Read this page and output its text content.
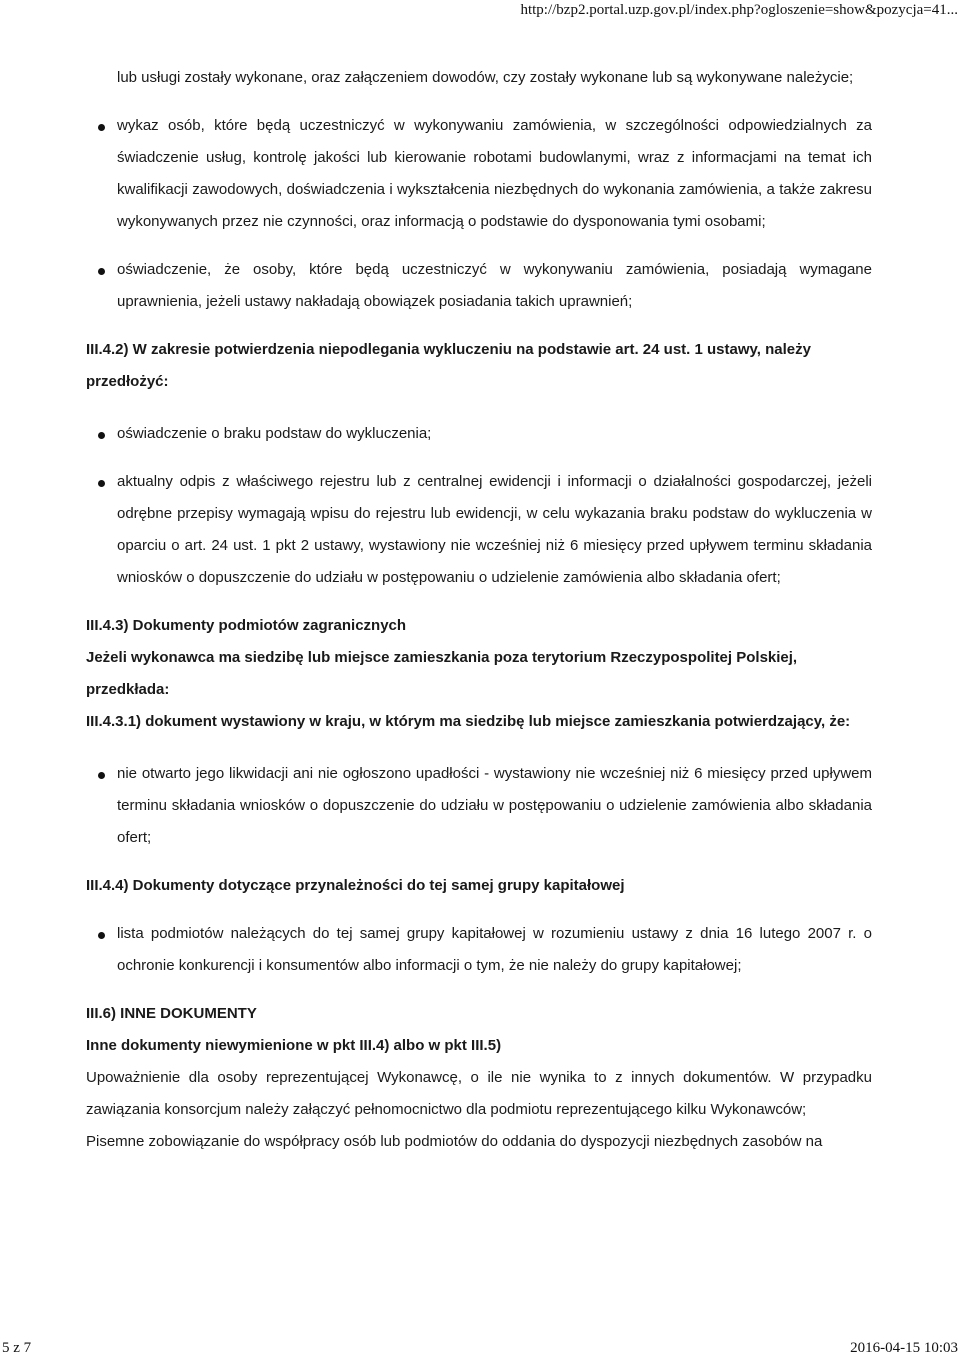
http://bzp2.portal.uzp.gov.pl/index.php?ogloszenie=show&pozycja=41...
lub usługi zostały wykonane, oraz załączeniem dowodów, czy zostały wykonane lub są wykonywane należycie;
wykaz osób, które będą uczestniczyć w wykonywaniu zamówienia, w szczególności odpowiedzialnych za świadczenie usług, kontrolę jakości lub kierowanie robotami budowlanymi, wraz z informacjami na temat ich kwalifikacji zawodowych, doświadczenia i wykształcenia niezbędnych do wykonania zamówienia, a także zakresu wykonywanych przez nie czynności, oraz informacją o podstawie do dysponowania tymi osobami;
oświadczenie, że osoby, które będą uczestniczyć w wykonywaniu zamówienia, posiadają wymagane uprawnienia, jeżeli ustawy nakładają obowiązek posiadania takich uprawnień;
III.4.2) W zakresie potwierdzenia niepodlegania wykluczeniu na podstawie art. 24 ust. 1 ustawy, należy przedłożyć:
oświadczenie o braku podstaw do wykluczenia;
aktualny odpis z właściwego rejestru lub z centralnej ewidencji i informacji o działalności gospodarczej, jeżeli odrębne przepisy wymagają wpisu do rejestru lub ewidencji, w celu wykazania braku podstaw do wykluczenia w oparciu o art. 24 ust. 1 pkt 2 ustawy, wystawiony nie wcześniej niż 6 miesięcy przed upływem terminu składania wniosków o dopuszczenie do udziału w postępowaniu o udzielenie zamówienia albo składania ofert;
III.4.3) Dokumenty podmiotów zagranicznych
Jeżeli wykonawca ma siedzibę lub miejsce zamieszkania poza terytorium Rzeczypospolitej Polskiej, przedkłada:
III.4.3.1) dokument wystawiony w kraju, w którym ma siedzibę lub miejsce zamieszkania potwierdzający, że:
nie otwarto jego likwidacji ani nie ogłoszono upadłości - wystawiony nie wcześniej niż 6 miesięcy przed upływem terminu składania wniosków o dopuszczenie do udziału w postępowaniu o udzielenie zamówienia albo składania ofert;
III.4.4) Dokumenty dotyczące przynależności do tej samej grupy kapitałowej
lista podmiotów należących do tej samej grupy kapitałowej w rozumieniu ustawy z dnia 16 lutego 2007 r. o ochronie konkurencji i konsumentów albo informacji o tym, że nie należy do grupy kapitałowej;
III.6) INNE DOKUMENTY
Inne dokumenty niewymienione w pkt III.4) albo w pkt III.5)
Upoważnienie dla osoby reprezentującej Wykonawcę, o ile nie wynika to z innych dokumentów. W przypadku zawiązania konsorcjum należy załączyć pełnomocnictwo dla podmiotu reprezentującego kilku Wykonawców;
Pisemne zobowiązanie do współpracy osób lub podmiotów do oddania do dyspozycji niezbędnych zasobów na
5 z 7	2016-04-15 10:03
